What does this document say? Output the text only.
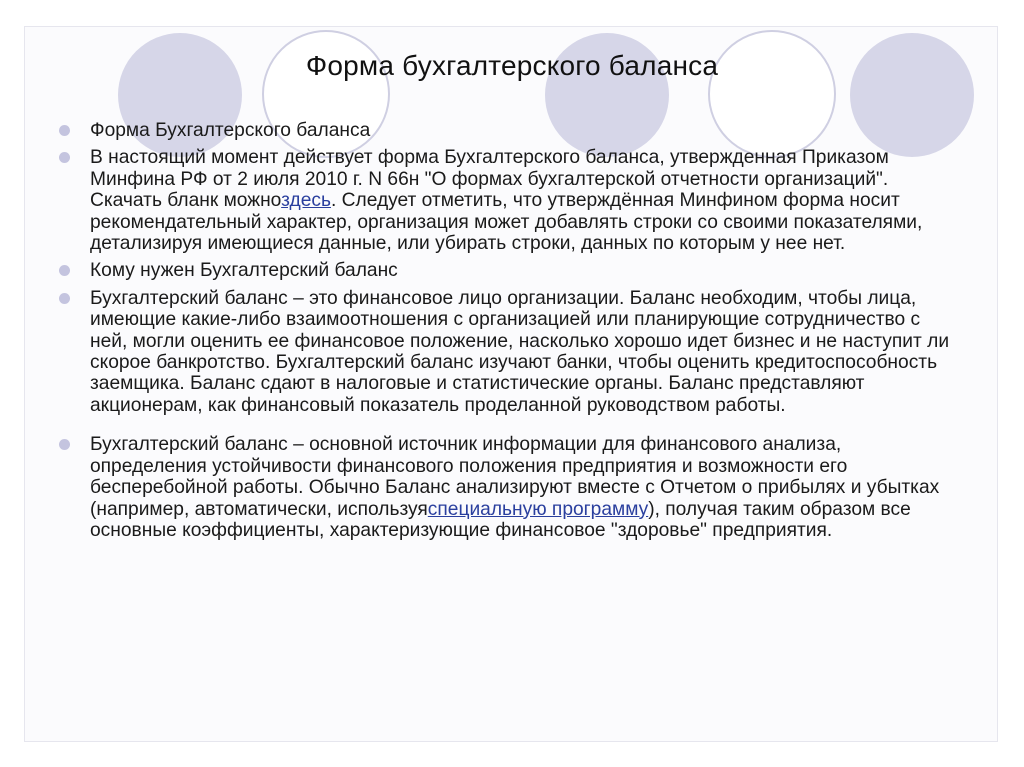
Форма бухгалтерского баланса
Форма Бухгалтерского баланса
В настоящий момент действует форма Бухгалтерского баланса, утвержденная Приказом Минфина РФ от 2 июля 2010 г. N 66н "О формах бухгалтерской отчетности организаций". Скачать бланк можноздесь. Следует отметить, что утверждённая Минфином форма носит рекомендательный характер, организация может добавлять строки со своими показателями, детализируя имеющиеся данные, или убирать строки, данных по которым у нее нет.
Кому нужен Бухгалтерский баланс
Бухгалтерский баланс – это финансовое лицо организации. Баланс необходим, чтобы лица, имеющие какие-либо взаимоотношения с организацией или планирующие сотрудничество с ней, могли оценить ее финансовое положение, насколько хорошо идет бизнес и не наступит ли скорое банкротство. Бухгалтерский баланс изучают банки, чтобы оценить кредитоспособность заемщика. Баланс сдают в налоговые и статистические органы. Баланс представляют акционерам, как финансовый показатель проделанной руководством работы.
Бухгалтерский баланс – основной источник информации для финансового анализа, определения устойчивости финансового положения предприятия и возможности его бесперебойной работы. Обычно Баланс анализируют вместе с Отчетом о прибылях и убытках (например, автоматически, используяспециальную программу), получая таким образом все основные коэффициенты, характеризующие финансовое "здоровье" предприятия.
